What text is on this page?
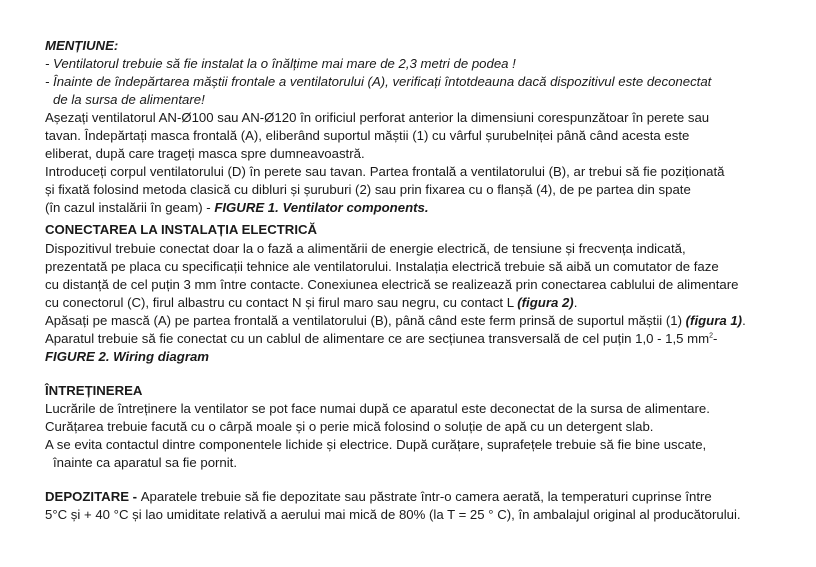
MENȚIUNE:
- Ventilatorul trebuie să fie instalat la o înălțime mai mare de 2,3 metri de podea !
- Înainte de îndepărtarea măștii frontale a ventilatorului (A), verificați întotdeauna dacă dispozitivul este deconectat
de la sursa de alimentare!
Așezați ventilatorul AN-Ø100 sau AN-Ø120 în orificiul perforat anterior la dimensiuni corespunzătoar în perete sau
tavan. Îndepărtați masca frontală (A), eliberând suportul măștii (1) cu vârful șurubelniței până când acesta este
eliberat, după care trageți masca spre dumneavoastră.
Introduceți corpul ventilatorului (D) în perete sau tavan. Partea frontală a ventilatorului (B), ar trebui să fie poziționată
și fixată folosind metoda clasică cu dibluri și șuruburi (2) sau prin fixarea cu o flanșă (4), de pe partea din spate
(în cazul instalării în geam) - FIGURE 1. Ventilator components.
CONECTAREA LA INSTALAȚIA ELECTRICĂ
Dispozitivul trebuie conectat doar la o fază a alimentării de energie electrică, de tensiune și frecvența indicată,
prezentată pe placa cu specificații tehnice ale ventilatorului. Instalația electrică trebuie să aibă un comutator de faze
cu distanță de cel puțin 3 mm între contacte. Conexiunea electrică se realizează prin conectarea cablului de alimentare
cu conectorul (C), firul albastru cu contact N și firul maro sau negru, cu contact L (figura 2).
Apăsați pe mască (A) pe partea frontală a ventilatorului (B), până când este ferm prinsă de suportul măștii (1) (figura 1).
Aparatul trebuie să fie conectat cu un cablul de alimentare ce are secțiunea transversală de cel puțin 1,0 - 1,5 $mm^2-$
FIGURE 2. Wiring diagram
ÎNTREȚINEREA
Lucrările de întreținere la ventilator se pot face numai după ce aparatul este deconectat de la sursa de alimentare.
Curățarea trebuie facută cu o cârpă moale și o perie mică folosind o soluție de apă cu un detergent slab.
A se evita contactul dintre componentele lichide și electrice. După curățare, suprafețele trebuie să fie bine uscate,
înainte ca aparatul sa fie pornit.
DEPOZITARE - Aparatele trebuie să fie depozitate sau păstrate într-o camera aerată, la temperaturi cuprinse între
5°C și + 40 °C și lao umiditate relativă a aerului mai mică de 80% (la T = 25 ° C), în ambalajul original al producătorului.
